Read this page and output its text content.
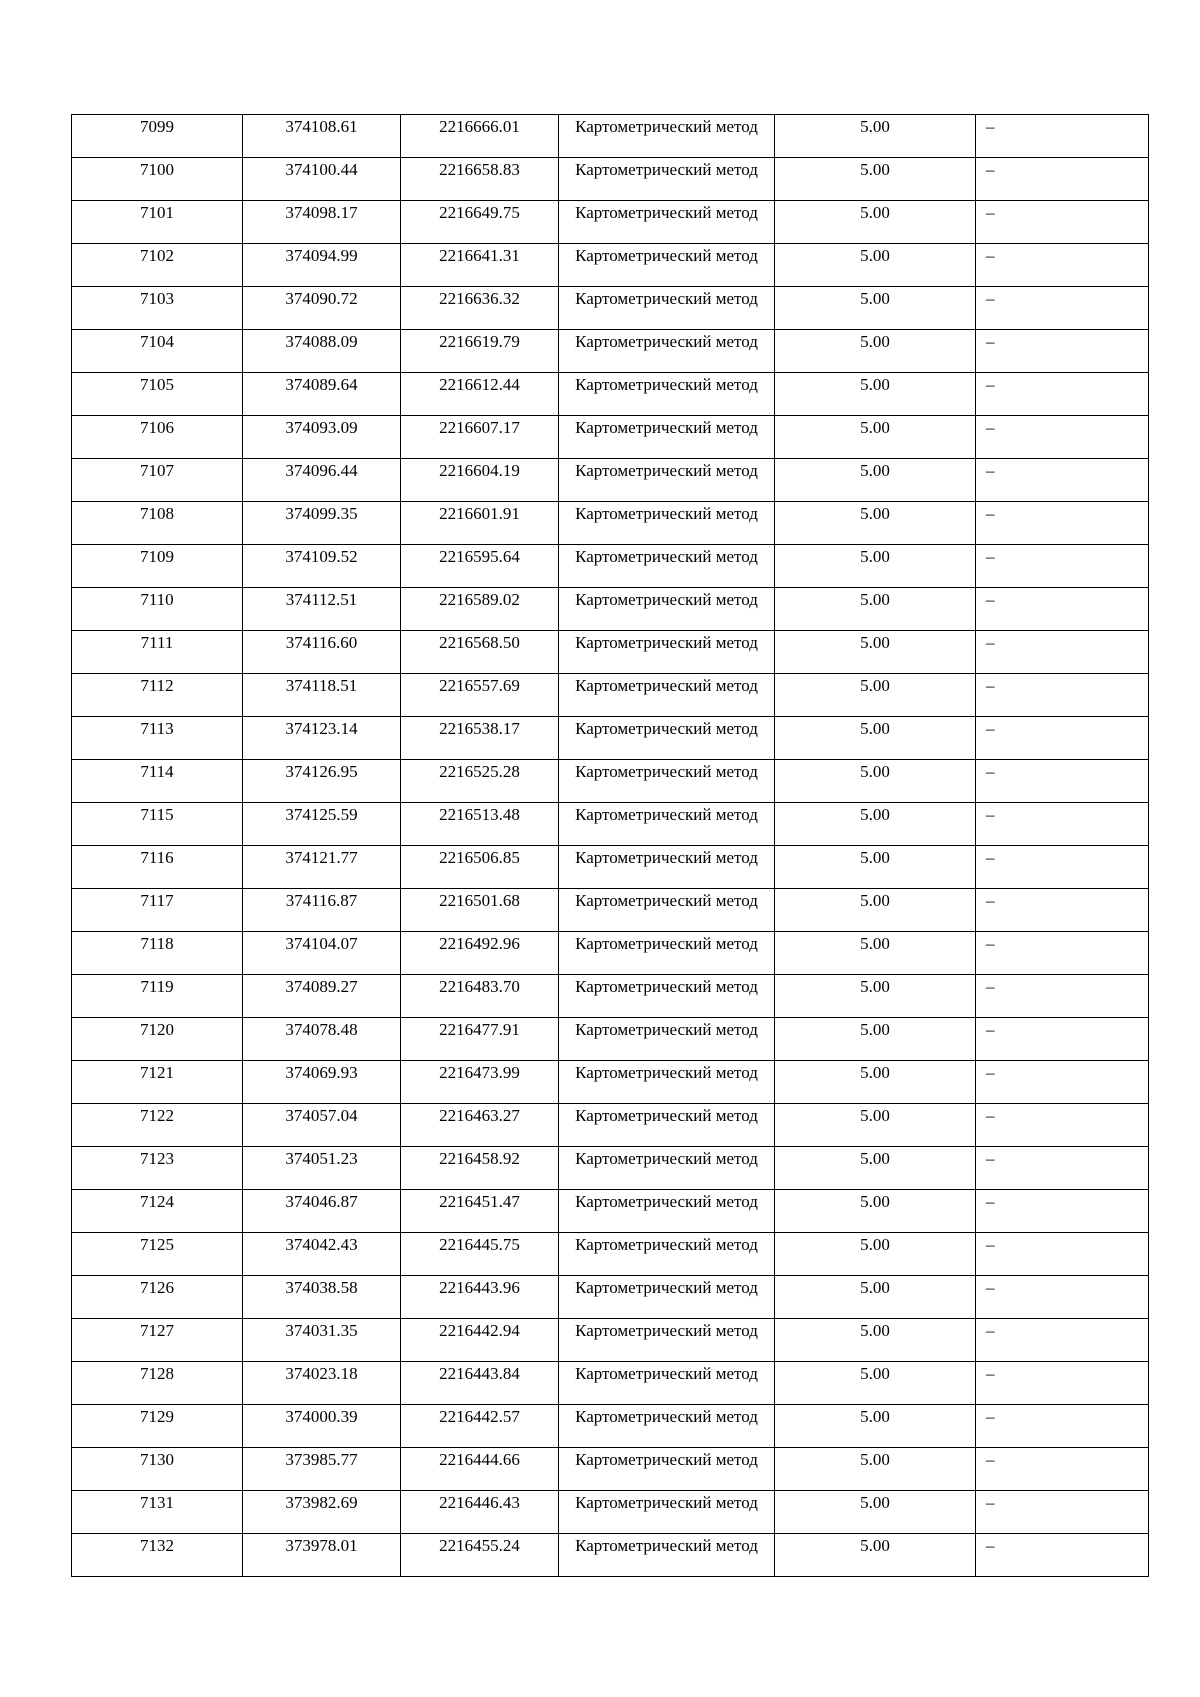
7099	374108.61	2216666.01	Картометрический метод	5.00	–

7100	374100.44	2216658.83	Картометрический метод	5.00	–

7101	374098.17	2216649.75	Картометрический метод	5.00	–

7102	374094.99	2216641.31	Картометрический метод	5.00	–

7103	374090.72	2216636.32	Картометрический метод	5.00	–

7104	374088.09	2216619.79	Картометрический метод	5.00	–

7105	374089.64	2216612.44	Картометрический метод	5.00	–

7106	374093.09	2216607.17	Картометрический метод	5.00	–

7107	374096.44	2216604.19	Картометрический метод	5.00	–

7108	374099.35	2216601.91	Картометрический метод	5.00	–

7109	374109.52	2216595.64	Картометрический метод	5.00	–

7110	374112.51	2216589.02	Картометрический метод	5.00	–

7111	374116.60	2216568.50	Картометрический метод	5.00	–

7112	374118.51	2216557.69	Картометрический метод	5.00	–

7113	374123.14	2216538.17	Картометрический метод	5.00	–

7114	374126.95	2216525.28	Картометрический метод	5.00	–

7115	374125.59	2216513.48	Картометрический метод	5.00	–

7116	374121.77	2216506.85	Картометрический метод	5.00	–

7117	374116.87	2216501.68	Картометрический метод	5.00	–

7118	374104.07	2216492.96	Картометрический метод	5.00	–

7119	374089.27	2216483.70	Картометрический метод	5.00	–

7120	374078.48	2216477.91	Картометрический метод	5.00	–

7121	374069.93	2216473.99	Картометрический метод	5.00	–

7122	374057.04	2216463.27	Картометрический метод	5.00	–

7123	374051.23	2216458.92	Картометрический метод	5.00	–

7124	374046.87	2216451.47	Картометрический метод	5.00	–

7125	374042.43	2216445.75	Картометрический метод	5.00	–

7126	374038.58	2216443.96	Картометрический метод	5.00	–

7127	374031.35	2216442.94	Картометрический метод	5.00	–

7128	374023.18	2216443.84	Картометрический метод	5.00	–

7129	374000.39	2216442.57	Картометрический метод	5.00	–

7130	373985.77	2216444.66	Картометрический метод	5.00	–

7131	373982.69	2216446.43	Картометрический метод	5.00	–

7132	373978.01	2216455.24	Картометрический метод	5.00	–
